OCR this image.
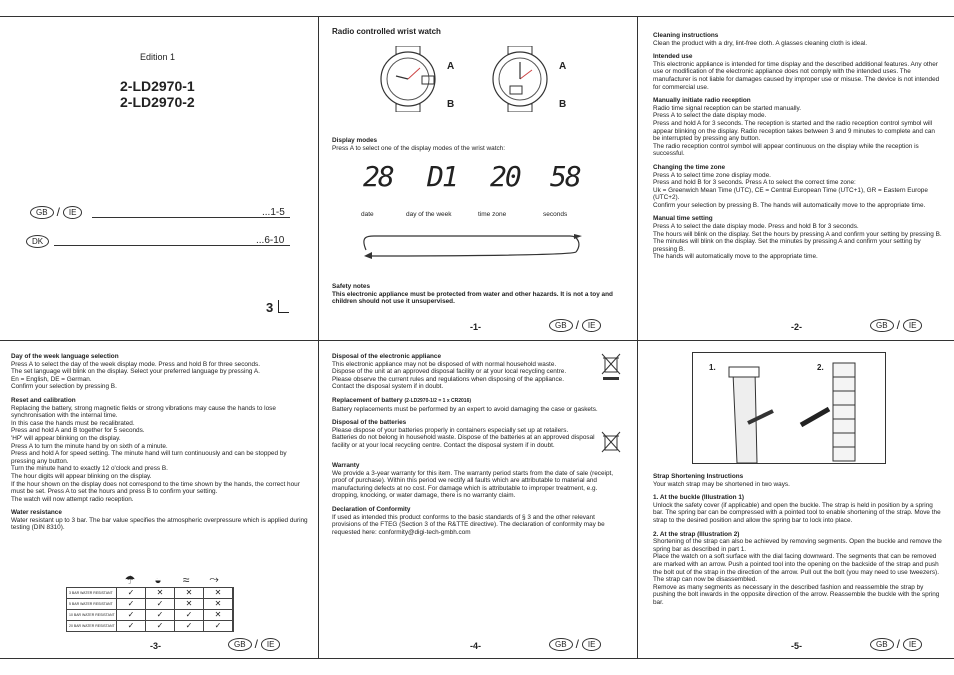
Edition 1
2-LD2970-1
2-LD2970-2
GB /	IE	...1-5
DK	...6-10
3
Radio controlled wrist watch
A
B
A
B
Display modes

Press A to select one of the display modes of the wrist watch:

28 D1 20 58
date	day of the week	time zone	seconds
Safety notes

This electronic appliance must be protected from water and other hazards. It is not a toy and children should not use it unsupervised.

-1-	GB /	IE
Cleaning instructions

Clean the product with a dry, lint-free cloth. A glasses cleaning cloth is ideal.

Intended use

This electronic appliance is intended for time display and the described additional features. Any other use or modification of the electronic appliance does not comply with the intended uses. The manufacturer is not liable for damages caused by improper use or misuse. The device is not intended for commercial use.

Manually initiate radio reception

Radio time signal reception can be started manually.
Press A to select the date display mode.
Press and hold A for 3 seconds. The reception is started and the radio reception control symbol will appear blinking on the display. Radio reception takes between 3 and 9 minutes to complete and can be interrupted by pressing any button.
The radio reception control symbol will appear continuous on the display while the reception is successful.

Changing the time zone

Press A to select time zone display mode.
Press and hold B for 3 seconds. Press A to select the correct time zone:
Uk = Greenwich Mean Time (UTC), CE = Central European Time (UTC+1), GR = Eastern Europe (UTC+2).
Confirm your selection by pressing B. The hands will automatically move to the appropriate time.

Manual time setting

Press A to select the date display mode. Press and hold B for 3 seconds.
The hours will blink on the display. Set the hours by pressing A and confirm your setting by pressing B.
The minutes will blink on the display. Set the minutes by pressing A and confirm your setting by pressing B.
The hands will automatically move to the appropriate time.

-2-	GB /	IE
Day of the week language selection

Press A to select the day of the week display mode. Press and hold B for three seconds.
The set language will blink on the display. Select your preferred language by pressing A.
En = English, DE = German.
Confirm your selection by pressing B.

Reset and calibration

Replacing the battery, strong magnetic fields or strong vibrations may cause the hands to lose synchronisation with the internal time.
In this case the hands must be recalibrated.
Press and hold A and B together for 5 seconds.
'HP' will appear blinking on the display.
Press A to turn the minute hand by on sixth of a minute.
Press and hold A for speed setting. The minute hand will turn continuously and can be stopped by pressing any button.
Turn the minute hand to exactly 12 o'clock and press B.
The hour digits will appear blinking on the display.
If the hour shown on the display does not correspond to the time shown by the hands, the correct hour must be set. Press A to set the hours and press B to confirm your setting.
The watch will now attempt radio reception.

Water resistance

Water resistant up to 3 bar. The bar value specifies the atmospheric overpressure which is applied during testing (DIN 8310).

☂	◒	≈	⤳
3 BAR WATER RESISTANT	✓	✕	✕	✕
5 BAR WATER RESISTANT	✓	✓	✕	✕
10 BAR WATER RESISTANT	✓	✓	✓	✕
20 BAR WATER RESISTANT	✓	✓	✓	✓
-3-	GB /	IE
Disposal of the electronic appliance

This electronic appliance may not be disposed of with normal household waste.
Dispose of the unit at an approved disposal facility or at your local recycling centre.
Please observe the current rules and regulations when disposing of the appliance.
Contact the disposal system if in doubt.

Replacement of battery (2-LD2970-1/2 = 1 x CR2016)

Battery replacements must be performed by an expert to avoid damaging the case or gaskets.

Disposal of the batteries

Please dispose of your batteries properly in containers especially set up at retailers.
Batteries do not belong in household waste. Dispose of the batteries at an approved disposal facility or at your local recycling centre. Contact the disposal system if in doubt.

Warranty

We provide a 3-year warranty for this item. The warranty period starts from the date of sale (receipt, proof of purchase). Within this period we rectify all faults which are attributable to material and manufacturing defects at no cost. For damage which is attributable to improper treatment, e.g. dropping, knocking, or water damage, there is no warranty claim.

Declaration of Conformity

If used as intended this product conforms to the basic standards of § 3 and the other relevant provisions of the FTEG (Section 3 of the R&TTE directive). The declaration of conformity may be requested here: conformity@digi-tech-gmbh.com

-4-	GB /	IE
1.	2.
Strap Shortening Instructions

Your watch strap may be shortened in two ways.

1. At the buckle (Illustration 1)

Unlock the safety cover (if applicable) and open the buckle. The strap is held in position by a spring bar. The spring bar can be compressed with a pointed tool to enable shortening of the strap. Move the strap to the desired position and allow the spring bar to lock into place.

2. At the strap (Illustration 2)

Shortening of the strap can also be achieved by removing segments. Open the buckle and remove the spring bar as described in part 1.
Place the watch on a soft surface with the dial facing downward. The segments that can be removed are marked with an arrow. Push a pointed tool into the opening on the backside of the strap and push the bolt out of the strap in the direction of the arrow. Pull out the bolt (you may need to use tweezers).
The strap can now be disassembled.
Remove as many segments as necessary in the described fashion and reassemble the strap by pushing the bolt inwards in the opposite direction of the arrow. Reassemble the buckle with the spring bar.

-5-	GB /	IE
